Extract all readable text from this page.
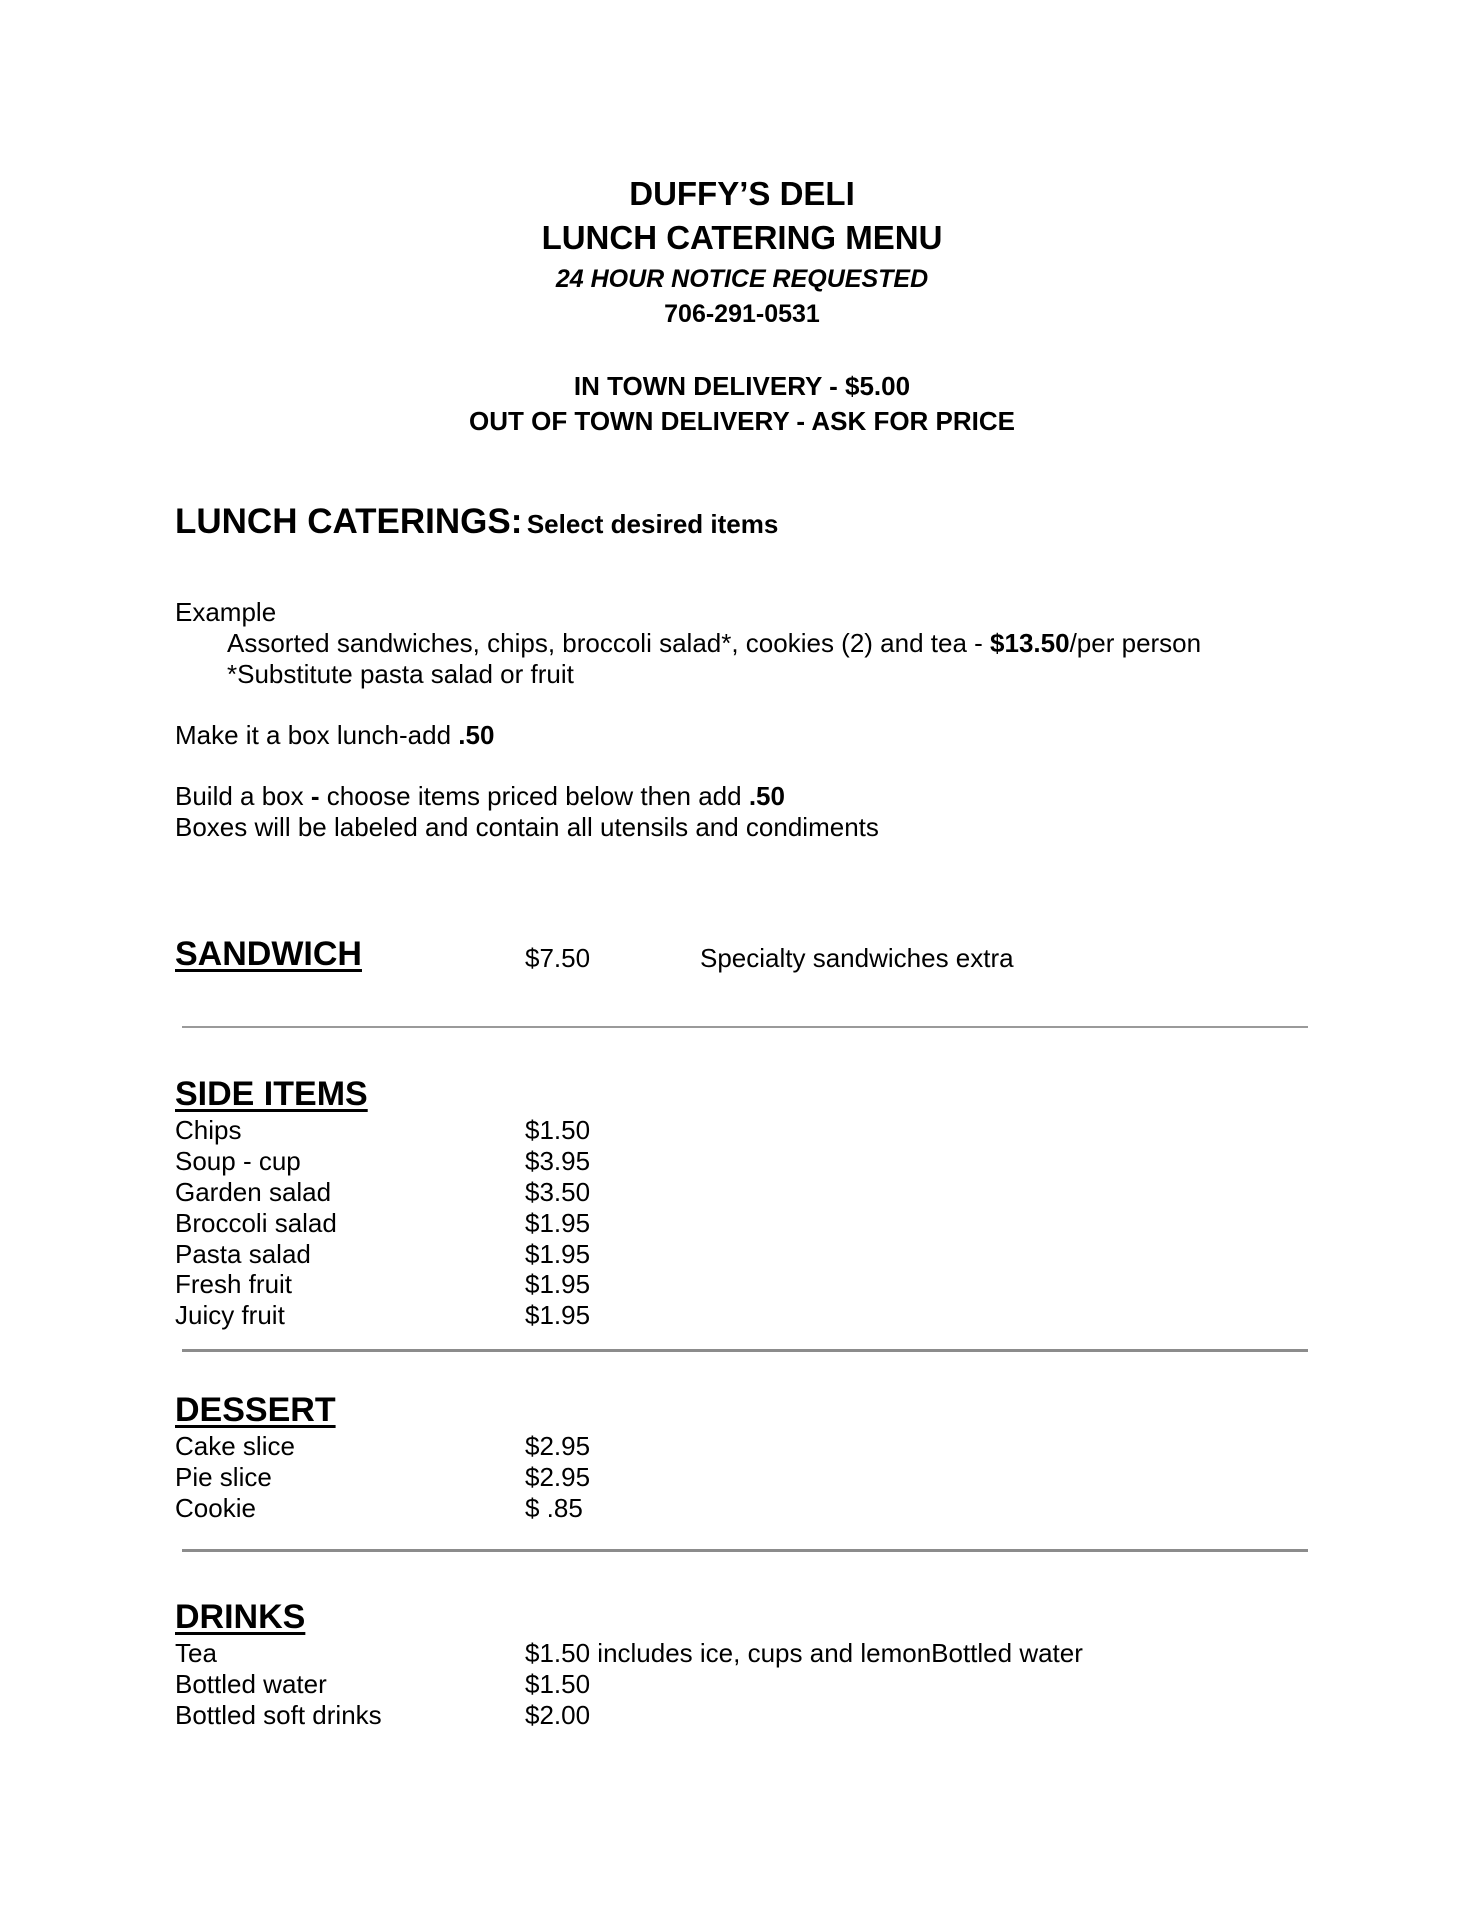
DUFFY’S DELI
LUNCH CATERING MENU
24 HOUR NOTICE REQUESTED
706-291-0531
IN TOWN DELIVERY - $5.00
OUT OF TOWN DELIVERY - ASK FOR PRICE
LUNCH CATERINGS: Select desired items
Example
Assorted sandwiches, chips, broccoli salad*, cookies (2) and tea - $13.50/per person
*Substitute pasta salad or fruit
Make it a box lunch-add .50
Build a box - choose items priced below then add .50
Boxes will be labeled and contain all utensils and condiments
SANDWICH	$7.50	Specialty sandwiches extra
SIDE ITEMS
Chips	$1.50
Soup - cup	$3.95
Garden salad	$3.50
Broccoli salad	$1.95
Pasta salad	$1.95
Fresh fruit	$1.95
Juicy fruit	$1.95
DESSERT
Cake slice	$2.95
Pie slice	$2.95
Cookie	$ .85
DRINKS
Tea	$1.50 includes ice, cups and lemonBottled water
Bottled water	$1.50
Bottled soft drinks	$2.00
